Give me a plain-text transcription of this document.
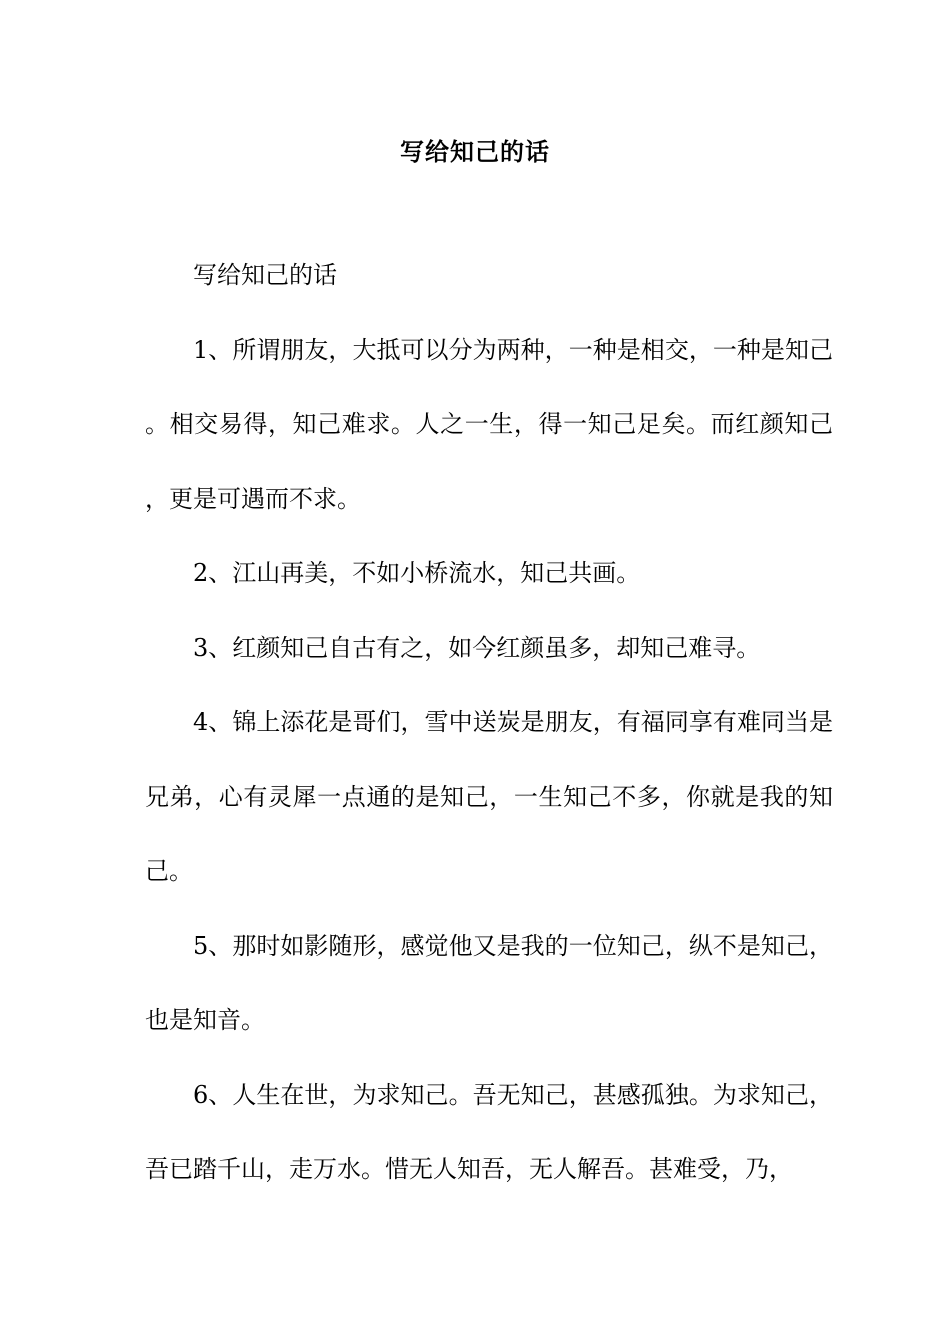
写给知己的话

写给知己的话

1、所谓朋友，大抵可以分为两种，一种是相交，一种是知己。相交易得，知己难求。人之一生，得一知己足矣。而红颜知己，更是可遇而不求。

2、江山再美，不如小桥流水，知己共画。

3、红颜知己自古有之，如今红颜虽多，却知己难寻。

4、锦上添花是哥们，雪中送炭是朋友，有福同享有难同当是兄弟，心有灵犀一点通的是知己，一生知己不多，你就是我的知己。

5、那时如影随形，感觉他又是我的一位知己，纵不是知己，也是知音。

6、人生在世，为求知己。吾无知己，甚感孤独。为求知己，吾已踏千山，走万水。惜无人知吾，无人解吾。甚难受，乃，
